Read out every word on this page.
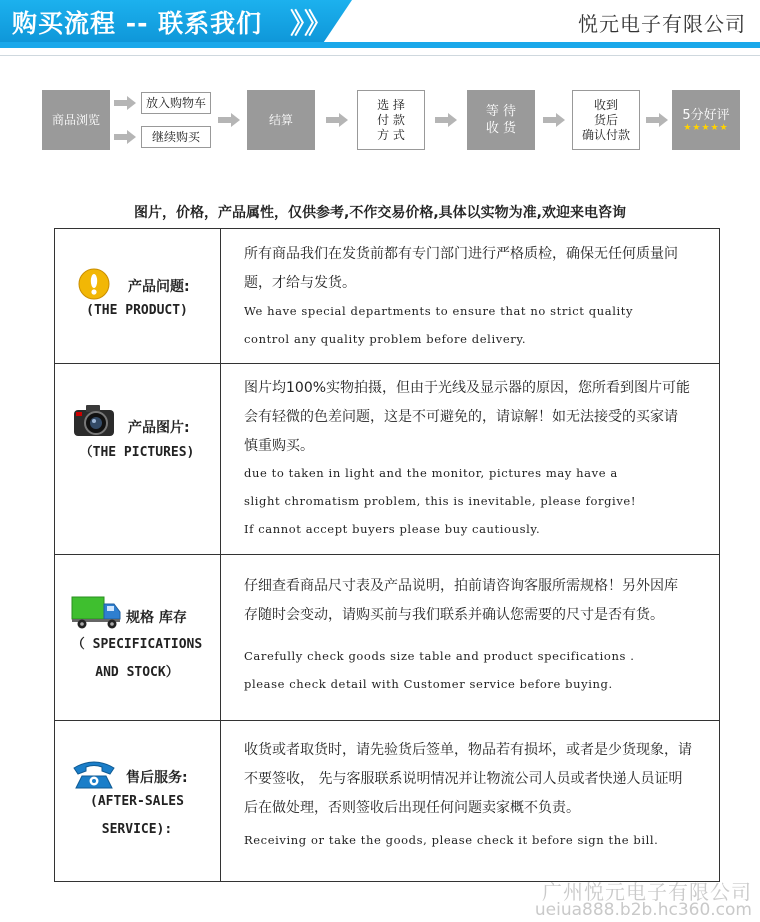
购买流程 -- 联系我们 》》	悦元电子有限公司
商品浏览
放入购物车
继续购买
结算
选 择
付 款
方 式
等 待
收 货
收到
货后
确认付款
5分好评
★★★★★
图片，价格，产品属性，仅供参考,不作交易价格,具体以实物为准,欢迎来电咨询
产品问题:
(THE PRODUCT)
所有商品我们在发货前都有专门部门进行严格质检，确保无任何质量问
题，才给与发货。
We have special departments to ensure that no strict quality
control any quality problem before delivery.
产品图片:
（THE PICTURES)
图片均100%实物拍摄，但由于光线及显示器的原因，您所看到图片可能
会有轻微的色差问题，这是不可避免的，请谅解！如无法接受的买家请
慎重购买。
due to taken in light and the monitor, pictures may have a
slight chromatism problem, this is inevitable, please forgive!
If cannot accept buyers please buy cautiously.
规格 库存
（ SPECIFICATIONS
AND STOCK）
仔细查看商品尺寸表及产品说明，拍前请咨询客服所需规格！另外因库
存随时会变动，请购买前与我们联系并确认您需要的尺寸是否有货。
Carefully check goods size table and product specifications .
please check detail with Customer service before buying.
售后服务:
(AFTER-SALES
SERVICE):
收货或者取货时，请先验货后签单，物品若有损坏，或者是少货现象，请
不要签收， 先与客服联系说明情况并让物流公司人员或者快递人员证明
后在做处理，否则签收后出现任何问题卖家概不负责。
Receiving or take the goods, please check it before sign the bill.
广州悦元电子有限公司
ueiua888.b2b.hc360.com
